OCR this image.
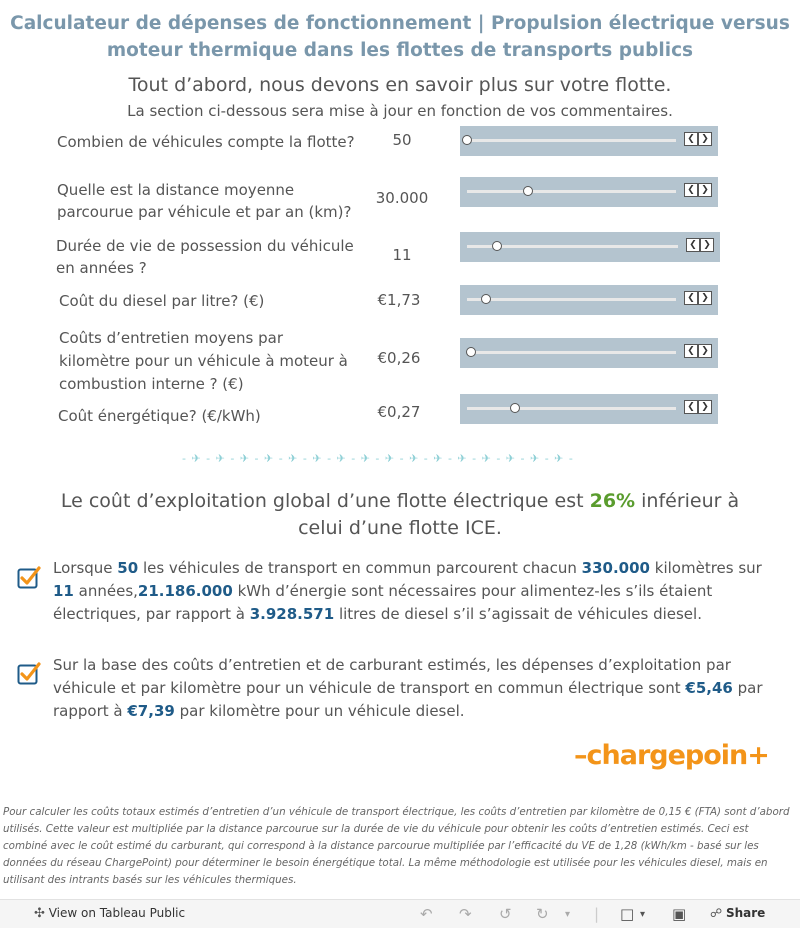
Calculateur de dépenses de fonctionnement | Propulsion électrique versus
moteur thermique dans les flottes de transports publics
Tout d’abord, nous devons en savoir plus sur votre flotte.
La section ci-dessous sera mise à jour en fonction de vos commentaires.
Combien de véhicules compte la flotte?	50	❮ ❯
Quelle est la distance moyenne parcourue par véhicule et par an (km)?
30.000	❮ ❯
Durée de vie de possession du véhicule en années ?
11
❮ ❯
Coût du diesel par litre? (€)	€1,73	❮ ❯
Coûts d’entretien moyens par kilomètre pour un véhicule à moteur à combustion interne ? (€)
€0,26	❮ ❯
Coût énergétique? (€/kWh)	€0,27	❮ ❯
- ✈ - ✈ - ✈ - ✈ - ✈ - ✈ - ✈ - ✈ - ✈ - ✈ - ✈ - ✈ - ✈ - ✈ - ✈ - ✈ -
Le coût d’exploitation global d’une flotte électrique est 26% inférieur à celui d’une flotte ICE.
Lorsque 50 les véhicules de transport en commun parcourent chacun 330.000 kilomètres sur 11 années,21.186.000 kWh d’énergie sont nécessaires pour alimentez-les s’ils étaient électriques, par rapport à 3.928.571 litres de diesel s’il s’agissait de véhicules diesel.
Sur la base des coûts d’entretien et de carburant estimés, les dépenses d’exploitation par véhicule et par kilomètre pour un véhicule de transport en commun électrique sont €5,46 par rapport à €7,39 par kilomètre pour un véhicule diesel.
–chargepoin+
Pour calculer les coûts totaux estimés d’entretien d’un véhicule de transport électrique, les coûts d’entretien par kilomètre de 0,15 € (FTA) sont d’abord utilisés. Cette valeur est multipliée par la distance parcourue sur la durée de vie du véhicule pour obtenir les coûts d’entretien estimés. Ceci est combiné avec le coût estimé du carburant, qui correspond à la distance parcourue multipliée par l’efficacité du VE de 1,28 (kWh/km - basé sur les données du réseau ChargePoint) pour déterminer le besoin énergétique total. La même méthodologie est utilisée pour les véhicules diesel, mais en utilisant des intrants basés sur les véhicules thermiques.
✣ View on Tableau Public	↶ ↷ ↺ ↻ ▾ | □ ▾ ▣ ☍ Share
